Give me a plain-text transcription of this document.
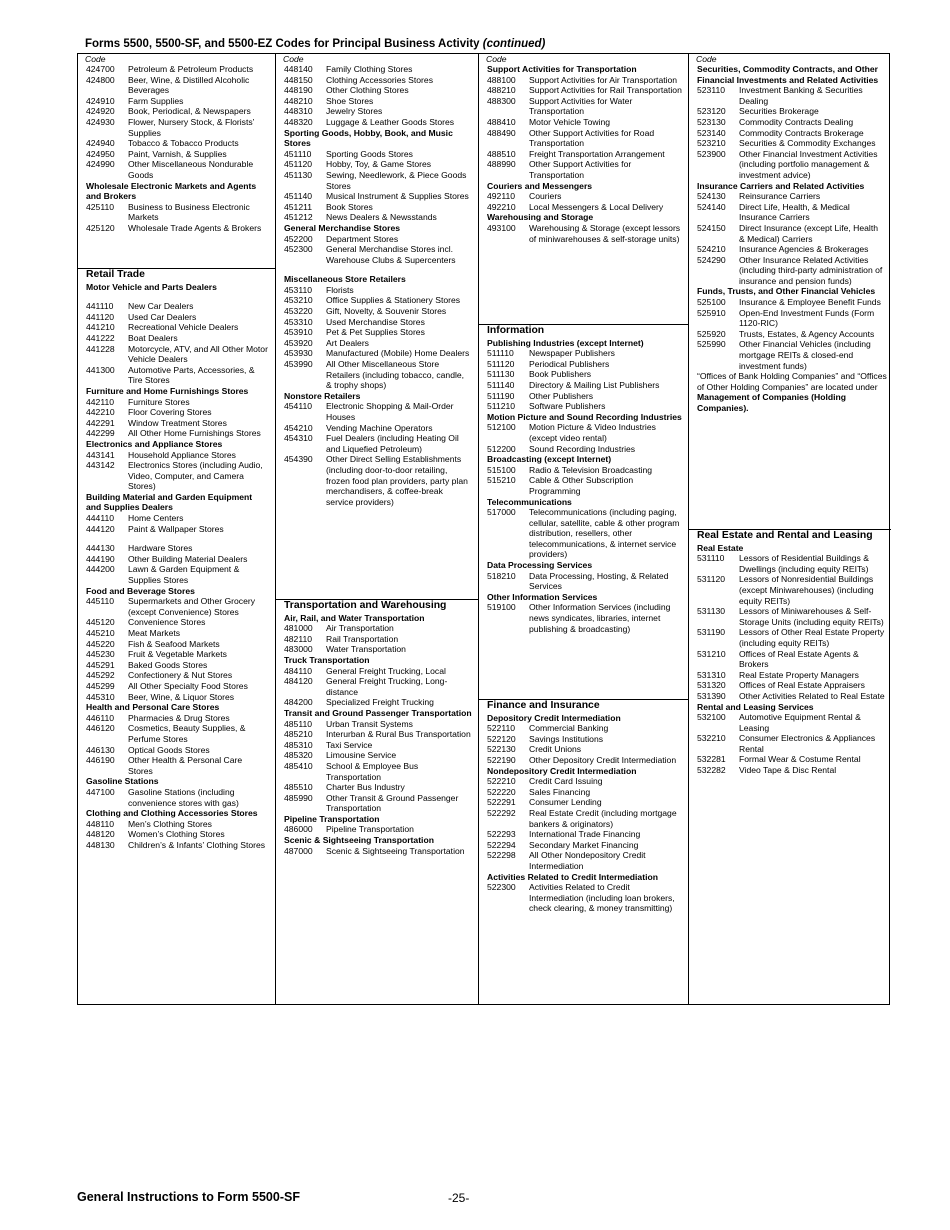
Forms 5500, 5500-SF, and 5500-EZ Codes for Principal Business Activity (continued)
Code
424700	Petroleum & Petroleum Products
424800	Beer, Wine, & Distilled Alcoholic Beverages
424910	Farm Supplies
424920	Book, Periodical, & Newspapers
424930	Flower, Nursery Stock, & Florists’ Supplies
424940	Tobacco & Tobacco Products
424950	Paint, Varnish, & Supplies
424990	Other Miscellaneous Nondurable Goods
Wholesale Electronic Markets and Agents and Brokers
425110	Business to Business Electronic Markets
425120	Wholesale Trade Agents & Brokers
Retail Trade
Motor Vehicle and Parts Dealers
441110	New Car Dealers
441120	Used Car Dealers
441210	Recreational Vehicle Dealers
441222	Boat Dealers
441228	Motorcycle, ATV, and All Other Motor Vehicle Dealers
441300	Automotive Parts, Accessories, & Tire Stores
Furniture and Home Furnishings Stores
442110	Furniture Stores
442210	Floor Covering Stores
442291	Window Treatment Stores
442299	All Other Home Furnishings Stores
Electronics and Appliance Stores
443141	Household Appliance Stores
443142	Electronics Stores (including Audio, Video, Computer, and Camera Stores)
Building Material and Garden Equipment and Supplies Dealers
444110	Home Centers
444120	Paint & Wallpaper Stores
444130	Hardware Stores
444190	Other Building Material Dealers
444200	Lawn & Garden Equipment & Supplies Stores
Food and Beverage Stores
445110	Supermarkets and Other Grocery (except Convenience) Stores
445120	Convenience Stores
445210	Meat Markets
445220	Fish & Seafood Markets
445230	Fruit & Vegetable Markets
445291	Baked Goods Stores
445292	Confectionery & Nut Stores
445299	All Other Specialty Food Stores
445310	Beer, Wine, & Liquor Stores
Health and Personal Care Stores
446110	Pharmacies & Drug Stores
446120	Cosmetics, Beauty Supplies, & Perfume Stores
446130	Optical Goods Stores
446190	Other Health & Personal Care Stores
Gasoline Stations
447100	Gasoline Stations (including convenience stores with gas)
Clothing and Clothing Accessories Stores
448110	Men’s Clothing Stores
448120	Women’s Clothing Stores
448130	Children’s & Infants’ Clothing Stores
Code
448140	Family Clothing Stores
448150	Clothing Accessories Stores
448190	Other Clothing Stores
448210	Shoe Stores
448310	Jewelry Stores
448320	Luggage & Leather Goods Stores
Sporting Goods, Hobby, Book, and Music Stores
451110	Sporting Goods Stores
451120	Hobby, Toy, & Game Stores
451130	Sewing, Needlework, & Piece Goods Stores
451140	Musical Instrument & Supplies Stores
451211	Book Stores
451212	News Dealers & Newsstands
General Merchandise Stores
452200	Department Stores
452300	General Merchandise Stores incl. Warehouse Clubs & Supercenters
Miscellaneous Store Retailers
453110	Florists
453210	Office Supplies & Stationery Stores
453220	Gift, Novelty, & Souvenir Stores
453310	Used Merchandise Stores
453910	Pet & Pet Supplies Stores
453920	Art Dealers
453930	Manufactured (Mobile) Home Dealers
453990	All Other Miscellaneous Store Retailers (including tobacco, candle, & trophy shops)
Nonstore Retailers
454110	Electronic Shopping & Mail-Order Houses
454210	Vending Machine Operators
454310	Fuel Dealers (including Heating Oil and Liquefied Petroleum)
454390	Other Direct Selling Establishments (including door-to-door retailing, frozen food plan providers, party plan merchandisers, & coffee-break service providers)
Transportation and Warehousing
Air, Rail, and Water Transportation
481000	Air Transportation
482110	Rail Transportation
483000	Water Transportation
Truck Transportation
484110	General Freight Trucking, Local
484120	General Freight Trucking, Long-distance
484200	Specialized Freight Trucking
Transit and Ground Passenger Transportation
485110	Urban Transit Systems
485210	Interurban & Rural Bus Transportation
485310	Taxi Service
485320	Limousine Service
485410	School & Employee Bus Transportation
485510	Charter Bus Industry
485990	Other Transit & Ground Passenger Transportation
Pipeline Transportation
486000	Pipeline Transportation
Scenic & Sightseeing Transportation
487000	Scenic & Sightseeing Transportation
Code
Support Activities for Transportation
488100	Support Activities for Air Transportation
488210	Support Activities for Rail Transportation
488300	Support Activities for Water Transportation
488410	Motor Vehicle Towing
488490	Other Support Activities for Road Transportation
488510	Freight Transportation Arrangement
488990	Other Support Activities for Transportation
Couriers and Messengers
492110	Couriers
492210	Local Messengers & Local Delivery
Warehousing and Storage
493100	Warehousing & Storage (except lessors of miniwarehouses & self-storage units)
Information
Publishing Industries (except Internet)
511110	Newspaper Publishers
511120	Periodical Publishers
511130	Book Publishers
511140	Directory & Mailing List Publishers
511190	Other Publishers
511210	Software Publishers
Motion Picture and Sound Recording Industries
512100	Motion Picture & Video Industries (except video rental)
512200	Sound Recording Industries
Broadcasting (except Internet)
515100	Radio & Television Broadcasting
515210	Cable & Other Subscription Programming
Telecommunications
517000	Telecommunications (including paging, cellular, satellite, cable & other program distribution, resellers, other telecommunications, & internet service providers)
Data Processing Services
518210	Data Processing, Hosting, & Related Services
Other Information Services
519100	Other Information Services (including news syndicates, libraries, internet publishing & broadcasting)
Finance and Insurance
Depository Credit Intermediation
522110	Commercial Banking
522120	Savings Institutions
522130	Credit Unions
522190	Other Depository Credit Intermediation
Nondepository Credit Intermediation
522210	Credit Card Issuing
522220	Sales Financing
522291	Consumer Lending
522292	Real Estate Credit (including mortgage bankers & originators)
522293	International Trade Financing
522294	Secondary Market Financing
522298	All Other Nondepository Credit Intermediation
Activities Related to Credit Intermediation
522300	Activities Related to Credit Intermediation (including loan brokers, check clearing, & money transmitting)
Code
Securities, Commodity Contracts, and Other Financial Investments and Related Activities
523110	Investment Banking & Securities Dealing
523120	Securities Brokerage
523130	Commodity Contracts Dealing
523140	Commodity Contracts Brokerage
523210	Securities & Commodity Exchanges
523900	Other Financial Investment Activities (including portfolio management & investment advice)
Insurance Carriers and Related Activities
524130	Reinsurance Carriers
524140	Direct Life, Health, & Medical Insurance Carriers
524150	Direct Insurance (except Life, Health & Medical) Carriers
524210	Insurance Agencies & Brokerages
524290	Other Insurance Related Activities (including third-party administration of insurance and pension funds)
Funds, Trusts, and Other Financial Vehicles
525100	Insurance & Employee Benefit Funds
525910	Open-End Investment Funds (Form 1120-RIC)
525920	Trusts, Estates, & Agency Accounts
525990	Other Financial Vehicles (including mortgage REITs & closed-end investment funds)
“Offices of Bank Holding Companies” and “Offices of Other Holding Companies” are located under Management of Companies (Holding Companies).
Real Estate and Rental and Leasing
Real Estate
531110	Lessors of Residential Buildings & Dwellings (including equity REITs)
531120	Lessors of Nonresidential Buildings (except Miniwarehouses) (including equity REITs)
531130	Lessors of Miniwarehouses & Self-Storage Units (including equity REITs)
531190	Lessors of Other Real Estate Property (including equity REITs)
531210	Offices of Real Estate Agents & Brokers
531310	Real Estate Property Managers
531320	Offices of Real Estate Appraisers
531390	Other Activities Related to Real Estate
Rental and Leasing Services
532100	Automotive Equipment Rental & Leasing
532210	Consumer Electronics & Appliances Rental
532281	Formal Wear & Costume Rental
532282	Video Tape & Disc Rental
General Instructions to Form 5500-SF	-25-
